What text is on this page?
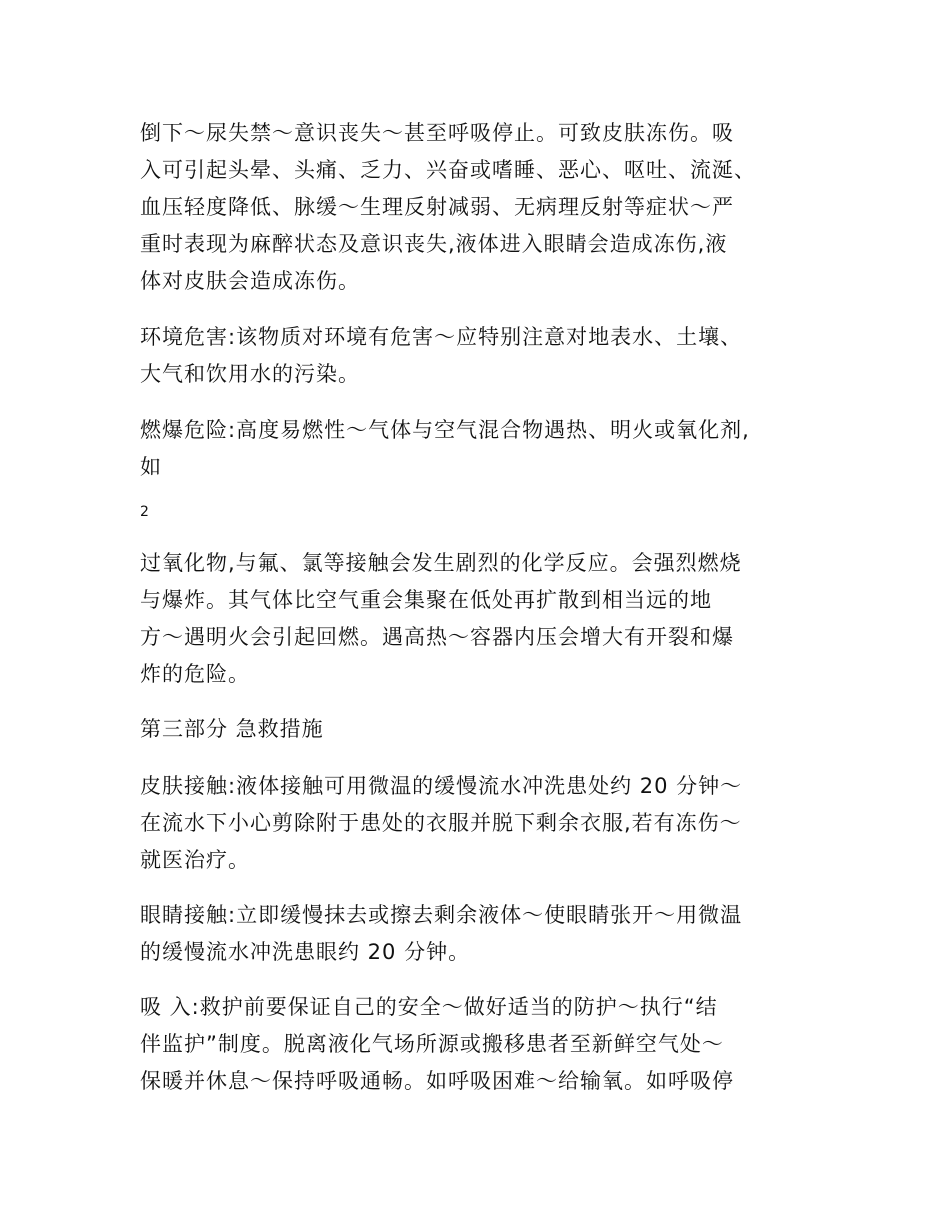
倒下～尿失禁～意识丧失～甚至呼吸停止。可致皮肤冻伤。吸
入可引起头晕、头痛、乏力、兴奋或嗜睡、恶心、呕吐、流涎、
血压轻度降低、脉缓～生理反射减弱、无病理反射等症状～严
重时表现为麻醉状态及意识丧失,液体进入眼睛会造成冻伤,液
体对皮肤会造成冻伤。

环境危害:该物质对环境有危害～应特别注意对地表水、土壤、
大气和饮用水的污染。

燃爆危险:高度易燃性～气体与空气混合物遇热、明火或氧化剂,
如

2

过氧化物,与氟、氯等接触会发生剧烈的化学反应。会强烈燃烧
与爆炸。其气体比空气重会集聚在低处再扩散到相当远的地
方～遇明火会引起回燃。遇高热～容器内压会增大有开裂和爆
炸的危险。

第三部分 急救措施

皮肤接触:液体接触可用微温的缓慢流水冲洗患处约 20 分钟～
在流水下小心剪除附于患处的衣服并脱下剩余衣服,若有冻伤～
就医治疗。

眼睛接触:立即缓慢抹去或擦去剩余液体～使眼睛张开～用微温
的缓慢流水冲洗患眼约 20 分钟。

吸 入:救护前要保证自己的安全～做好适当的防护～执行“结
伴监护”制度。脱离液化气场所源或搬移患者至新鲜空气处～
保暖并休息～保持呼吸通畅。如呼吸困难～给输氧。如呼吸停
